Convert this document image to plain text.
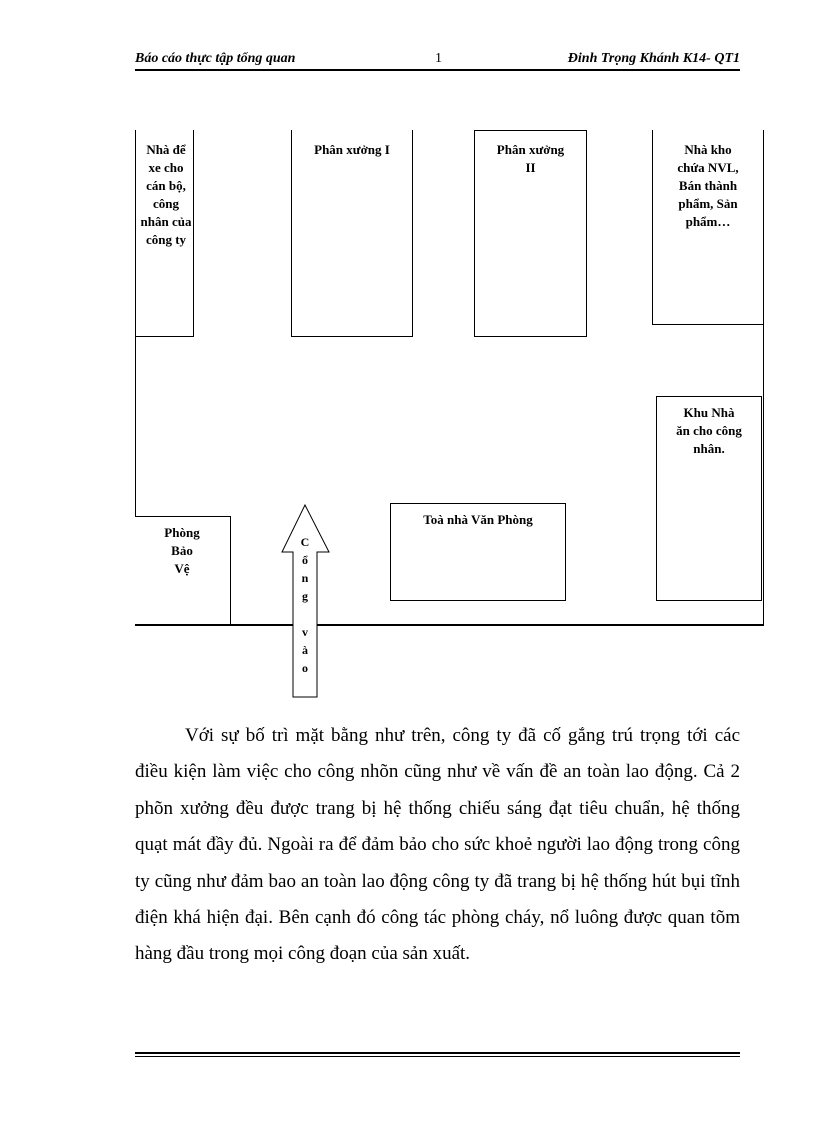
Báo cáo thực tập tổng quan	1	Đinh Trọng Khánh K14- QT1
Nhà để
xe cho
cán bộ,
công
nhân của
công ty
Phân xưởng I	Phân xưởng
II
Nhà kho
chứa NVL,
Bán thành
phẩm, Sản
phẩm…
Khu Nhà
ăn cho công
nhân.
Toà nhà Văn Phòng
Phòng
Bảo
Vệ
C
ổ
n
g

v
à
o

Với sự bố trì mặt bằng như trên, công ty đã cố gắng trú trọng tới các điều kiện làm việc cho công nhõn cũng như về vấn đề an toàn lao động. Cả 2 phõn xưởng đều được trang bị hệ thống chiếu sáng đạt tiêu chuẩn, hệ thống quạt mát đầy đủ. Ngoài ra để đảm bảo cho sức khoẻ người lao động trong công ty cũng như đảm bao an toàn lao động công ty đã trang bị hệ thống hút bụi tĩnh điện khá hiện đại. Bên cạnh đó công tác phòng cháy, nổ luông được quan tõm hàng đầu trong mọi công đoạn của sản xuất.
